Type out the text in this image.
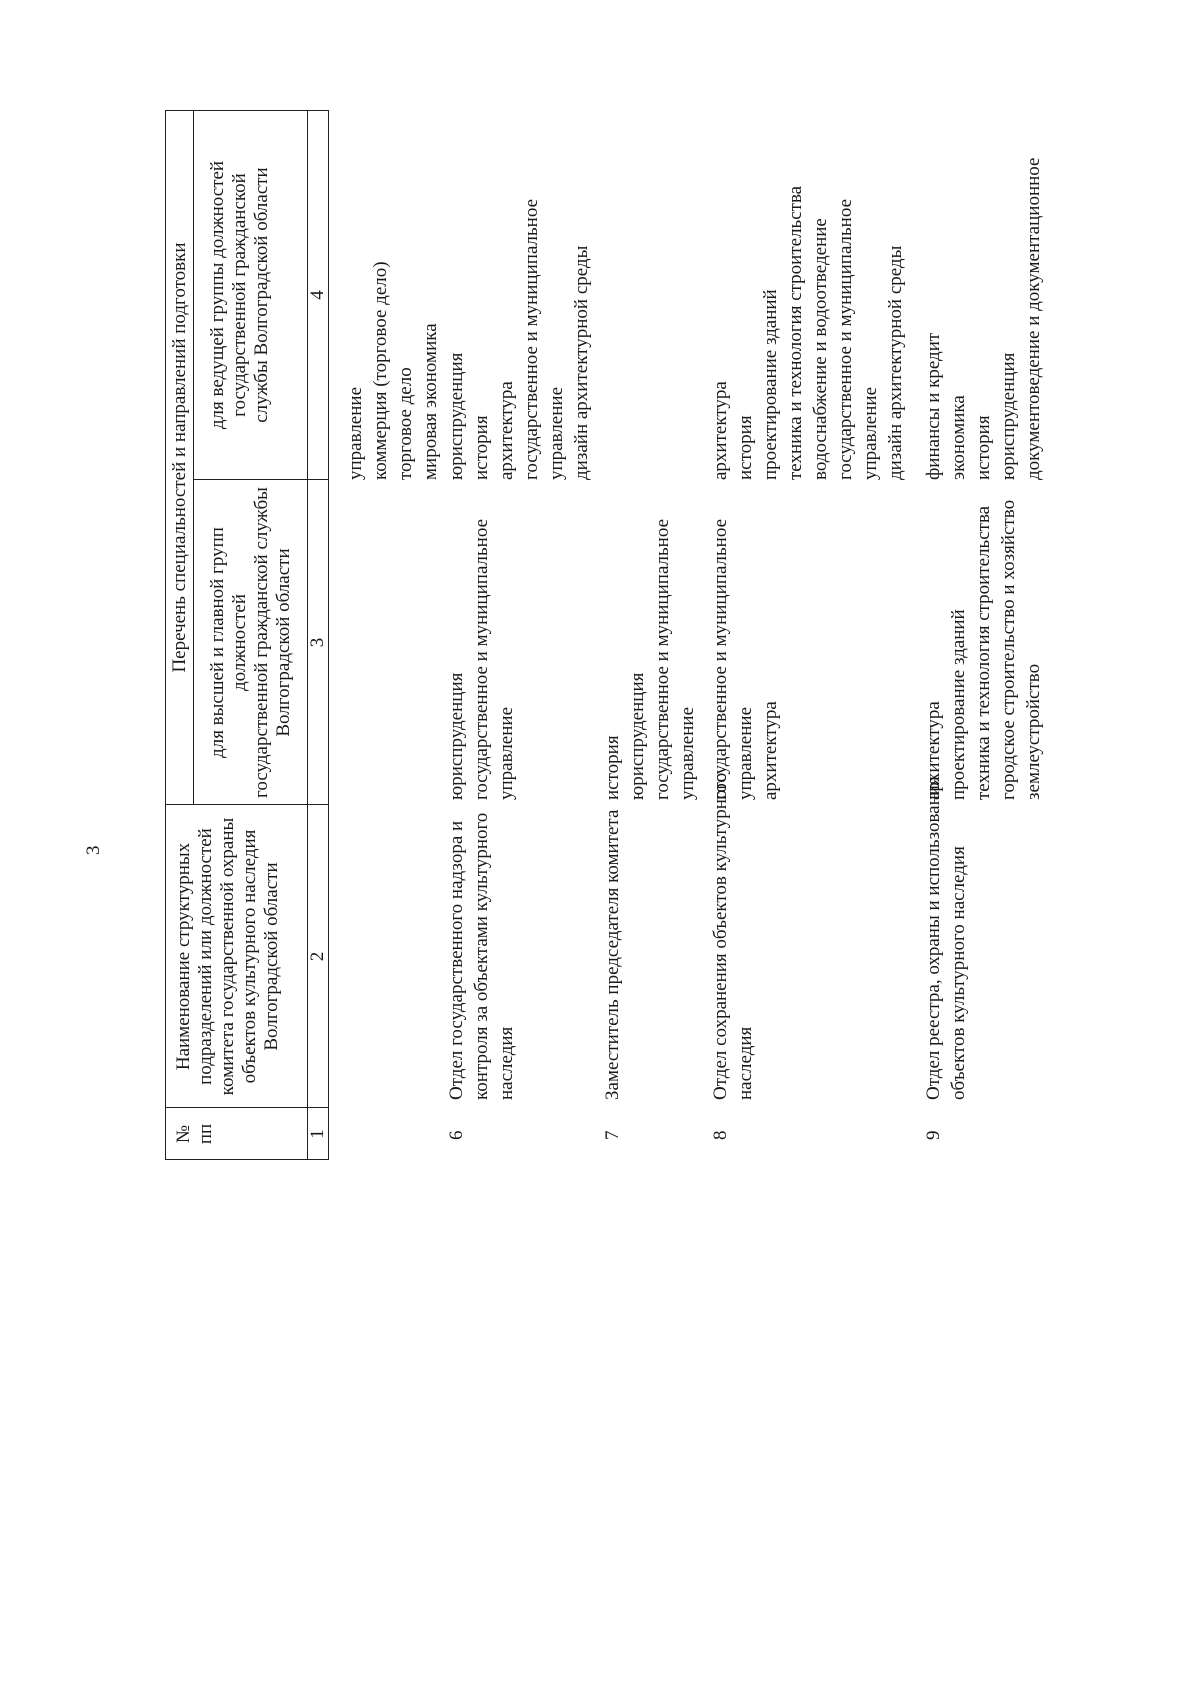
3
№ пп
Наименование структурных подразделений или должностей комитета государственной охраны объектов культурного наследия Волгоградской области
Перечень специальностей и направлений подготовки для высшей и главной групп должностей государственной гражданской службы Волгоградской области
для ведущей группы должностей государственной гражданской службы Волгоградской области
1
2
3
4
управление коммерция (торговое дело) торговое дело мировая экономика
6
Отдел государственного надзора и контроля за объектами культурного наследия
юриспруденция государственное и муниципальное управление
юриспруденция история архитектура государственное и муниципальное управление дизайн архитектурной среды
7
Заместитель председателя комитета
история юриспруденция государственное и муниципальное управление
8
Отдел сохранения объектов культурного наследия
государственное и муниципальное управление архитектура
архитектура история проектирование зданий техника и технология строительства водоснабжение и водоотведение государственное и муниципальное управление дизайн архитектурной среды
9
Отдел реестра, охраны и использования объектов культурного наследия
архитектура проектирование зданий техника и технология строительства городское строительство и хозяйство землеустройство
финансы и кредит экономика история юриспруденция документоведение и документационное
